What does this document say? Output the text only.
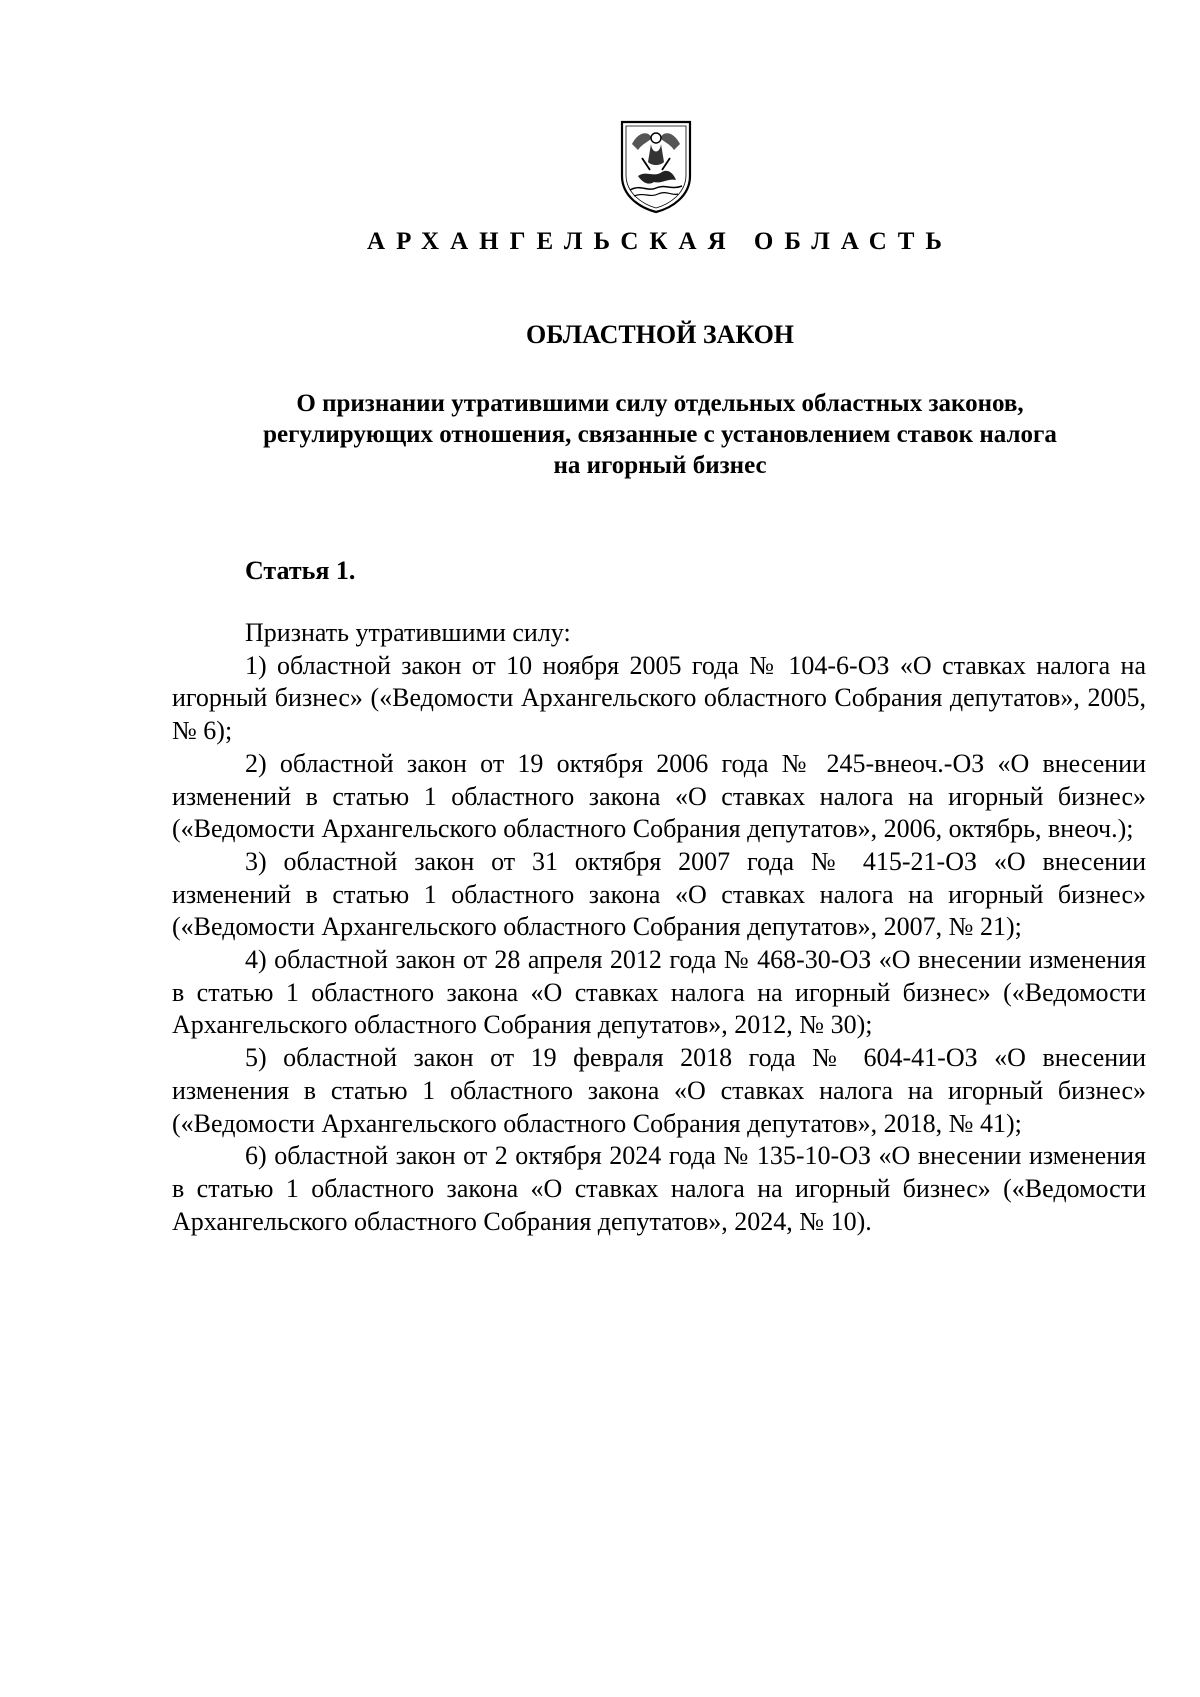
АРХАНГЕЛЬСКАЯ ОБЛАСТЬ
ОБЛАСТНОЙ ЗАКОН
О признании утратившими силу отдельных областных законов,
регулирующих отношения, связанные с установлением ставок налога
на игорный бизнес
Статья 1.
Признать утратившими силу:
1) областной закон от 10 ноября 2005 года № 104-6-ОЗ «О ставках налога на игорный бизнес» («Ведомости Архангельского областного Собрания депутатов», 2005, № 6);
2) областной закон от 19 октября 2006 года № 245-внеоч.-ОЗ «О внесении изменений в статью 1 областного закона «О ставках налога на игорный бизнес» («Ведомости Архангельского областного Собрания депутатов», 2006, октябрь, внеоч.);
3) областной закон от 31 октября 2007 года № 415-21-ОЗ «О внесении изменений в статью 1 областного закона «О ставках налога на игорный бизнес» («Ведомости Архангельского областного Собрания депутатов», 2007, № 21);
4) областной закон от 28 апреля 2012 года № 468-30-ОЗ «О внесении изменения в статью 1 областного закона «О ставках налога на игорный бизнес» («Ведомости Архангельского областного Собрания депутатов», 2012, № 30);
5) областной закон от 19 февраля 2018 года № 604-41-ОЗ «О внесении изменения в статью 1 областного закона «О ставках налога на игорный бизнес» («Ведомости Архангельского областного Собрания депутатов», 2018, № 41);
6) областной закон от 2 октября 2024 года № 135-10-ОЗ «О внесении изменения в статью 1 областного закона «О ставках налога на игорный бизнес» («Ведомости Архангельского областного Собрания депутатов», 2024, № 10).
